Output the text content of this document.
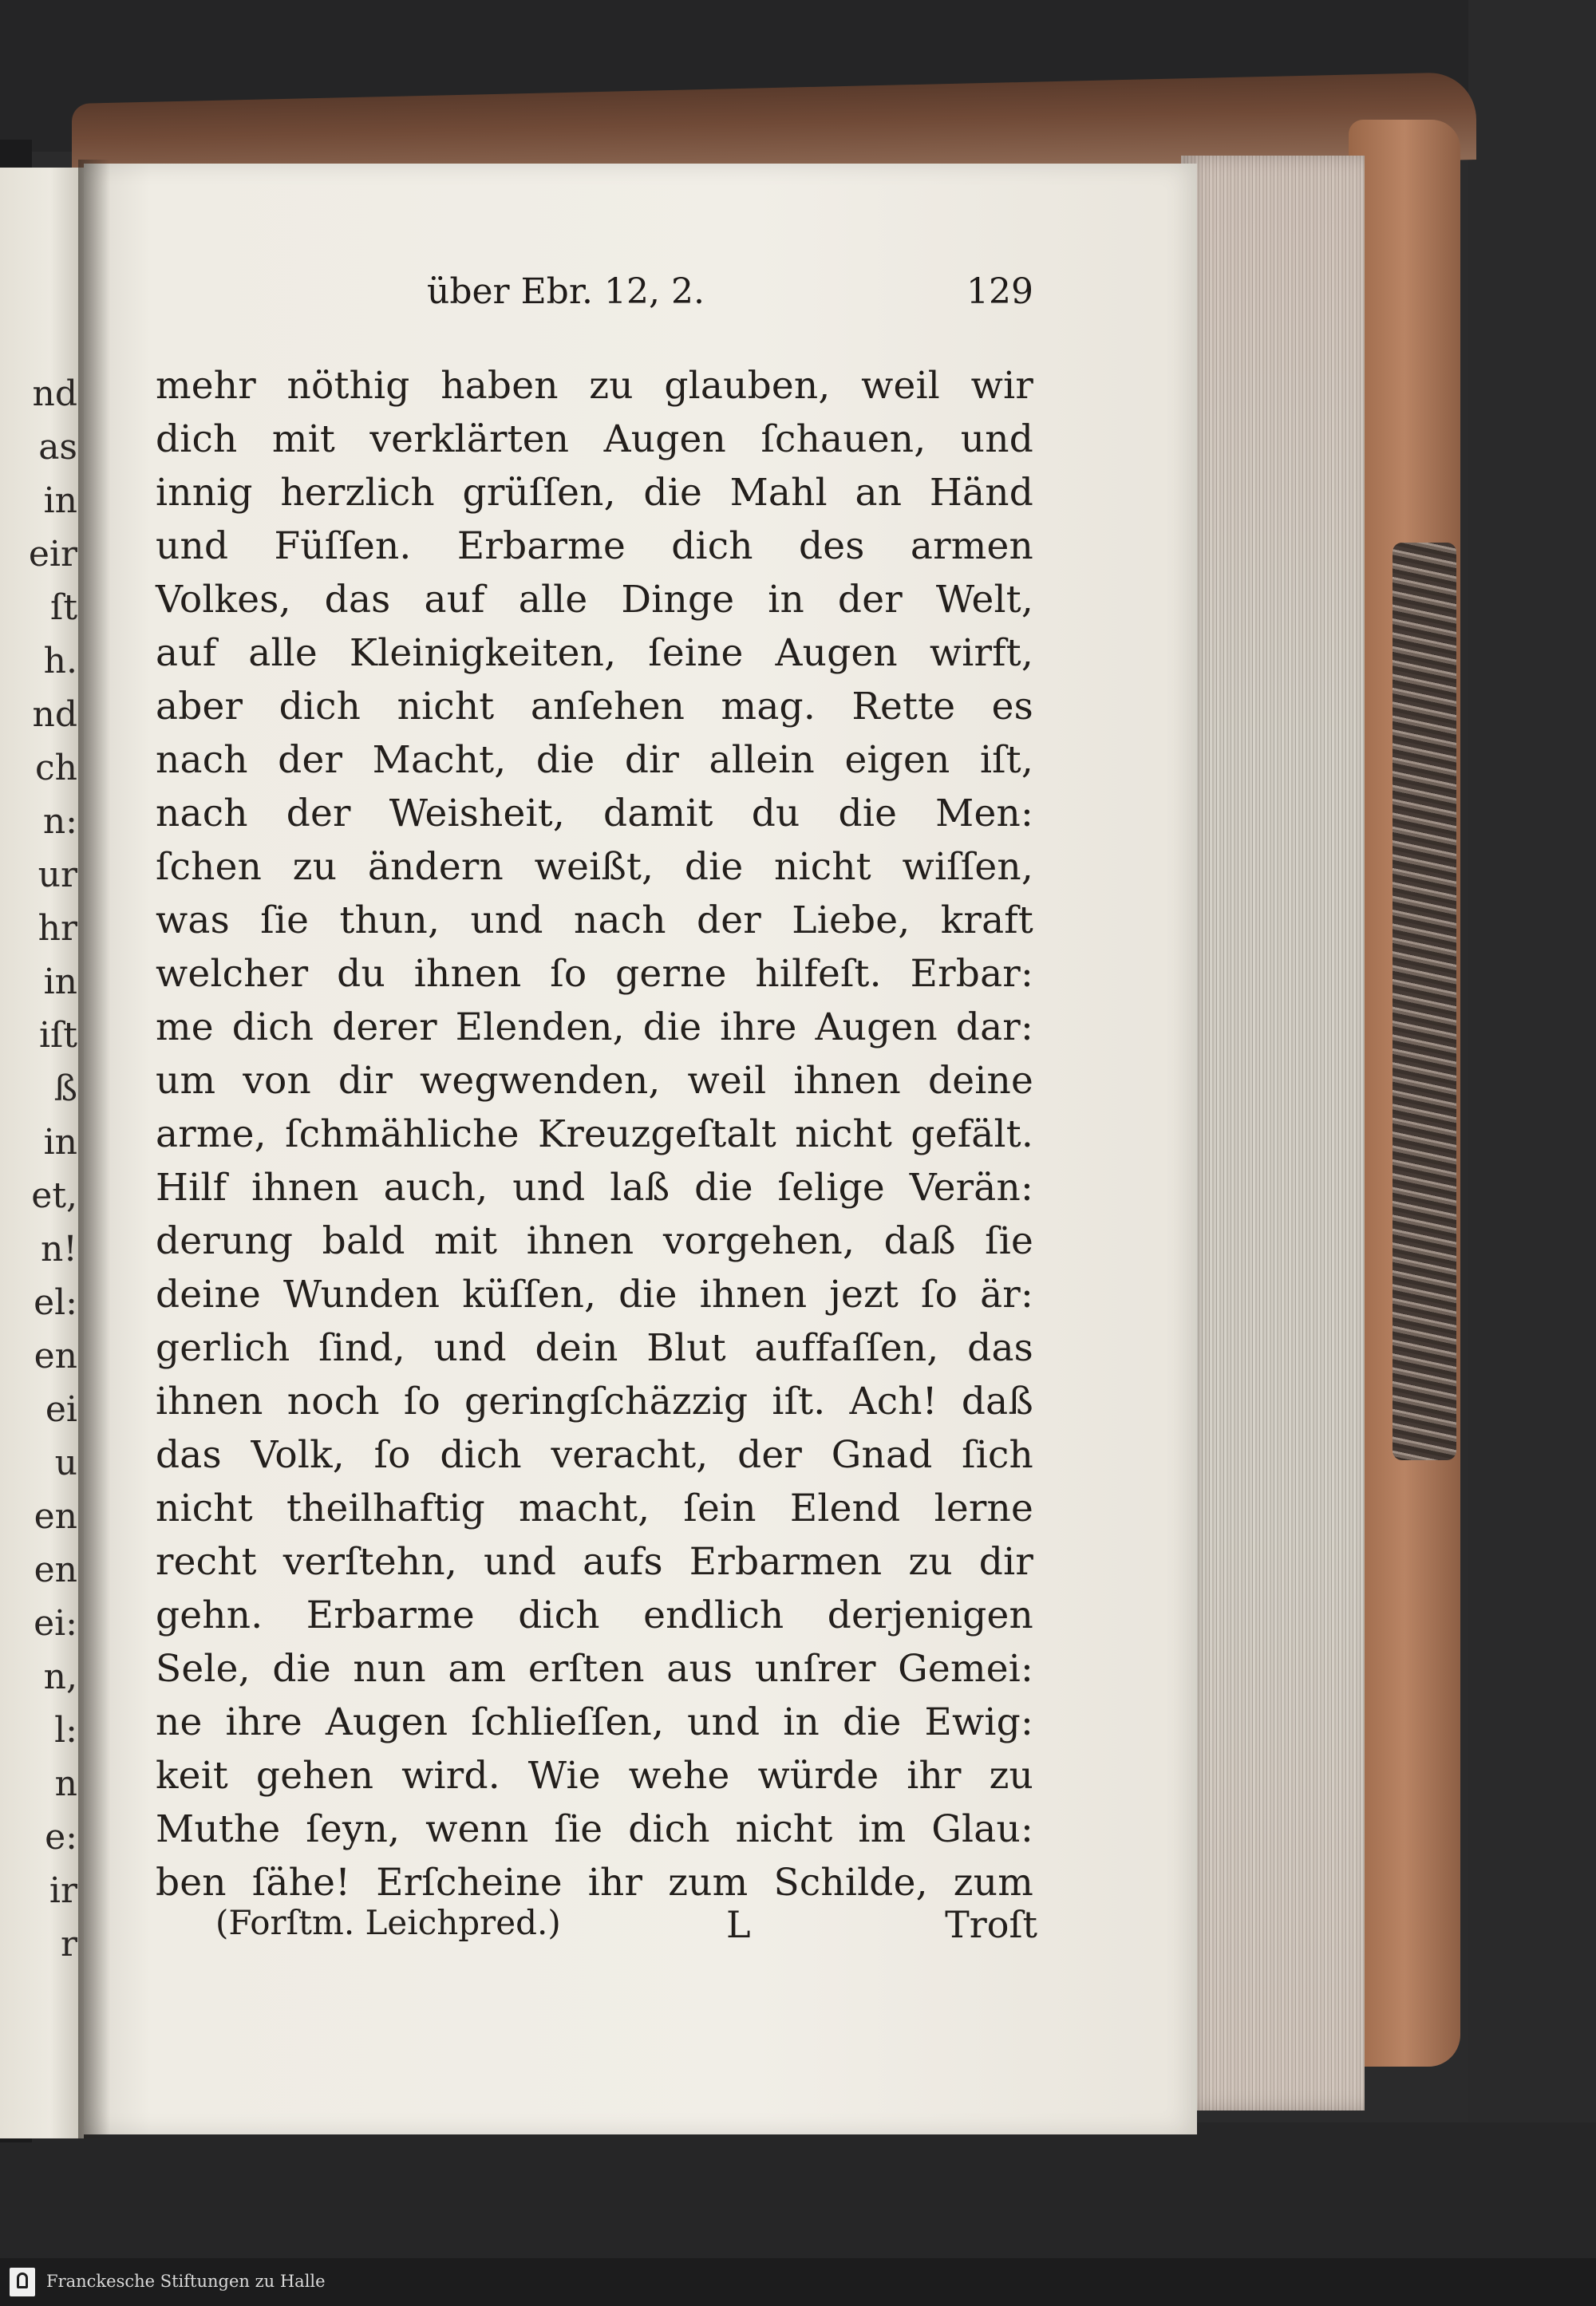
nd
as
in
eir
ſt
h.
nd
ch
n:
ur
hr
in
iſt
ß
in
et,
n!
el:
en
ei
u
en
en
ei:
n,
l:
n
e:
ir
r
über Ebr. 12, 2.	129
mehr nöthig haben zu glauben, weil wir
dich mit verklärten Augen ſchauen, und
innig herzlich grüſſen, die Mahl an Händ
und Füſſen. Erbarme dich des armen
Volkes, das auf alle Dinge in der Welt,
auf alle Kleinigkeiten, ſeine Augen wirft,
aber dich nicht anſehen mag. Rette es
nach der Macht, die dir allein eigen iſt,
nach der Weisheit, damit du die Men:
ſchen zu ändern weißt, die nicht wiſſen,
was ſie thun, und nach der Liebe, kraft
welcher du ihnen ſo gerne hilfeſt. Erbar:
me dich derer Elenden, die ihre Augen dar:
um von dir wegwenden, weil ihnen deine
arme, ſchmähliche Kreuzgeſtalt nicht gefält.
Hilf ihnen auch, und laß die ſelige Verän:
derung bald mit ihnen vorgehen, daß ſie
deine Wunden küſſen, die ihnen jezt ſo är:
gerlich ſind, und dein Blut auffaſſen, das
ihnen noch ſo geringſchäzzig iſt. Ach! daß
das Volk, ſo dich veracht, der Gnad ſich
nicht theilhaftig macht, ſein Elend lerne
recht verſtehn, und aufs Erbarmen zu dir
gehn. Erbarme dich endlich derjenigen
Sele, die nun am erſten aus unſrer Gemei:
ne ihre Augen ſchlieſſen, und in die Ewig:
keit gehen wird. Wie wehe würde ihr zu
Muthe ſeyn, wenn ſie dich nicht im Glau:
ben ſähe! Erſcheine ihr zum Schilde, zum
(Forſtm. Leichpred.)	L	Troſt
Franckesche Stiftungen zu Halle
